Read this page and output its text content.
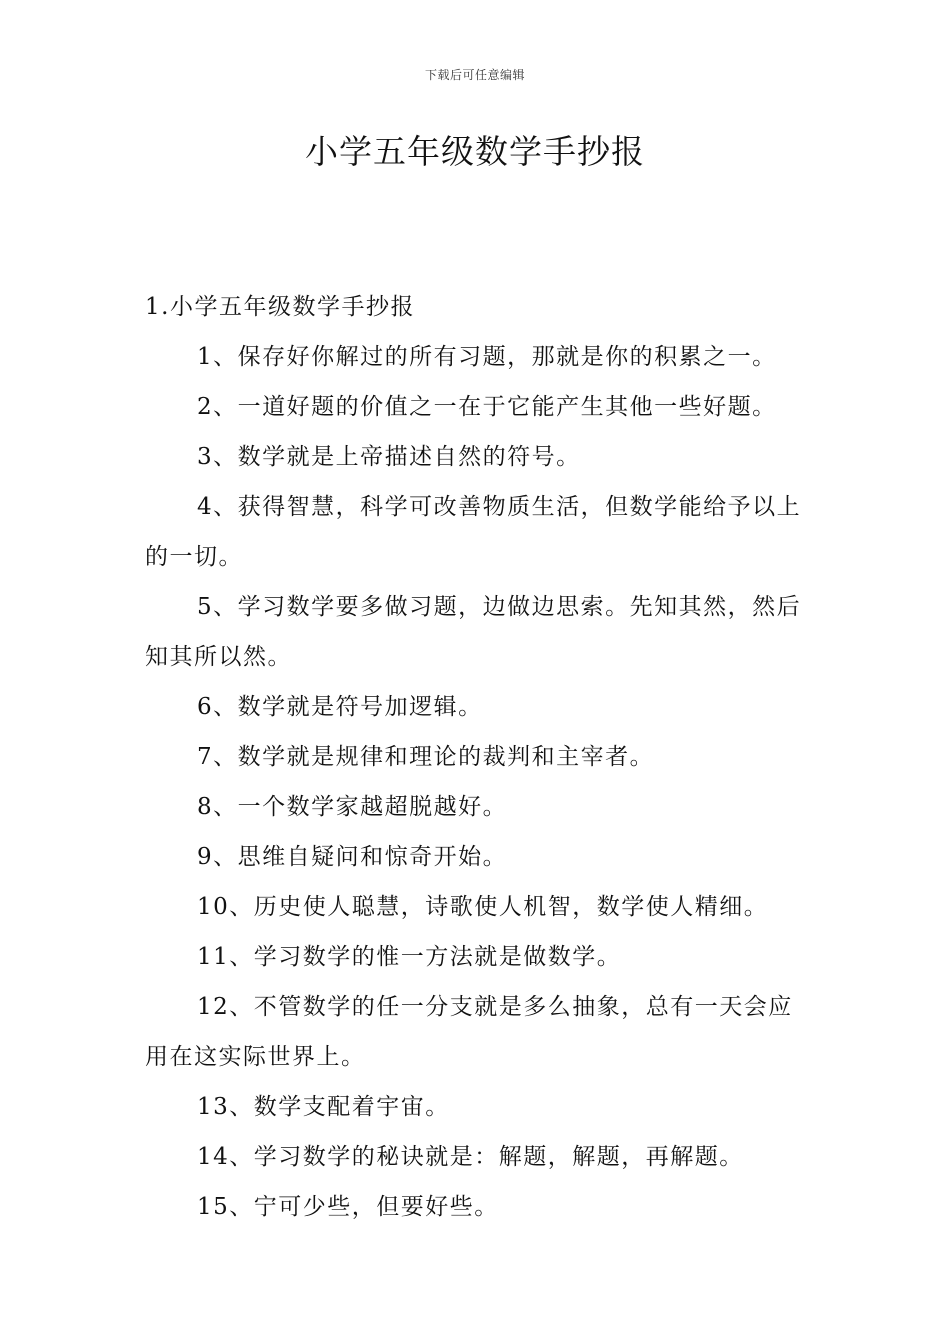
下载后可任意编辑
小学五年级数学手抄报

1.小学五年级数学手抄报

1、保存好你解过的所有习题，那就是你的积累之一。

2、一道好题的价值之一在于它能产生其他一些好题。

3、数学就是上帝描述自然的符号。

4、获得智慧，科学可改善物质生活，但数学能给予以上的一切。

5、学习数学要多做习题，边做边思索。先知其然，然后知其所以然。

6、数学就是符号加逻辑。

7、数学就是规律和理论的裁判和主宰者。

8、一个数学家越超脱越好。

9、思维自疑问和惊奇开始。

10、历史使人聪慧，诗歌使人机智，数学使人精细。

11、学习数学的惟一方法就是做数学。

12、不管数学的任一分支就是多么抽象，总有一天会应用在这实际世界上。

13、数学支配着宇宙。

14、学习数学的秘诀就是：解题，解题，再解题。

15、宁可少些，但要好些。
